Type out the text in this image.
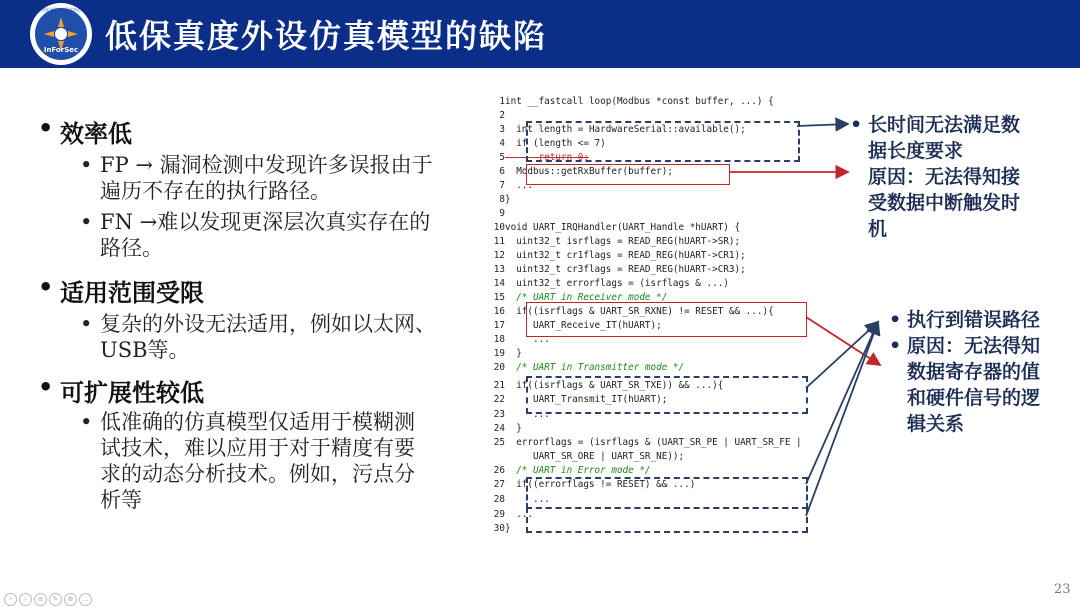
网络安全研究国际学术论坛
InForSec 低保真度外设仿真模型的缺陷
• 效率低
• FP → 漏洞检测中发现许多误报由于
遍历不存在的执行路径。
• FN →难以发现更深层次真实存在的
路径。
• 适用范围受限
• 复杂的外设无法适用，例如以太网、
USB等。
• 可扩展性较低
• 低准确的仿真模型仅适用于模糊测
试技术，难以应用于对于精度有要
求的动态分析技术。例如，污点分
析等
1int __fastcall loop(Modbus *const buffer, ...) {
2
3  int length = HardwareSerial::available();
4  if (length <= 7)
5      return 0;
6  Modbus::getRxBuffer(buffer);
7  ...
8}
9
10void UART_IRQHandler(UART_Handle *hUART) {
11  uint32_t isrflags = READ_REG(hUART->SR);
12  uint32_t cr1flags = READ_REG(hUART->CR1);
13  uint32_t cr3flags = READ_REG(hUART->CR3);
14  uint32_t errorflags = (isrflags & ...)
15  /* UART in Receiver mode */
16  if((isrflags & UART_SR_RXNE) != RESET && ...){
17     UART_Receive_IT(hUART);
18     ...
19  }
20  /* UART in Transmitter mode */
21  if((isrflags & UART_SR_TXE)) && ...){
22     UART_Transmit_IT(hUART);
23     ...
24  }
25  errorflags = (isrflags & (UART_SR_PE | UART_SR_FE |
UART_SR_ORE | UART_SR_NE));
26  /* UART in Error mode */
27  if((errorflags != RESET) && ...)
28     ...
29  ...
30}
• 长时间无法满足数
据长度要求
原因：无法得知接
受数据中断触发时
机
• 执行到错误路径
• 原因：无法得知
数据寄存器的值
和硬件信号的逻
辑关系
‹	›	≡	✎	⊕	…
23
